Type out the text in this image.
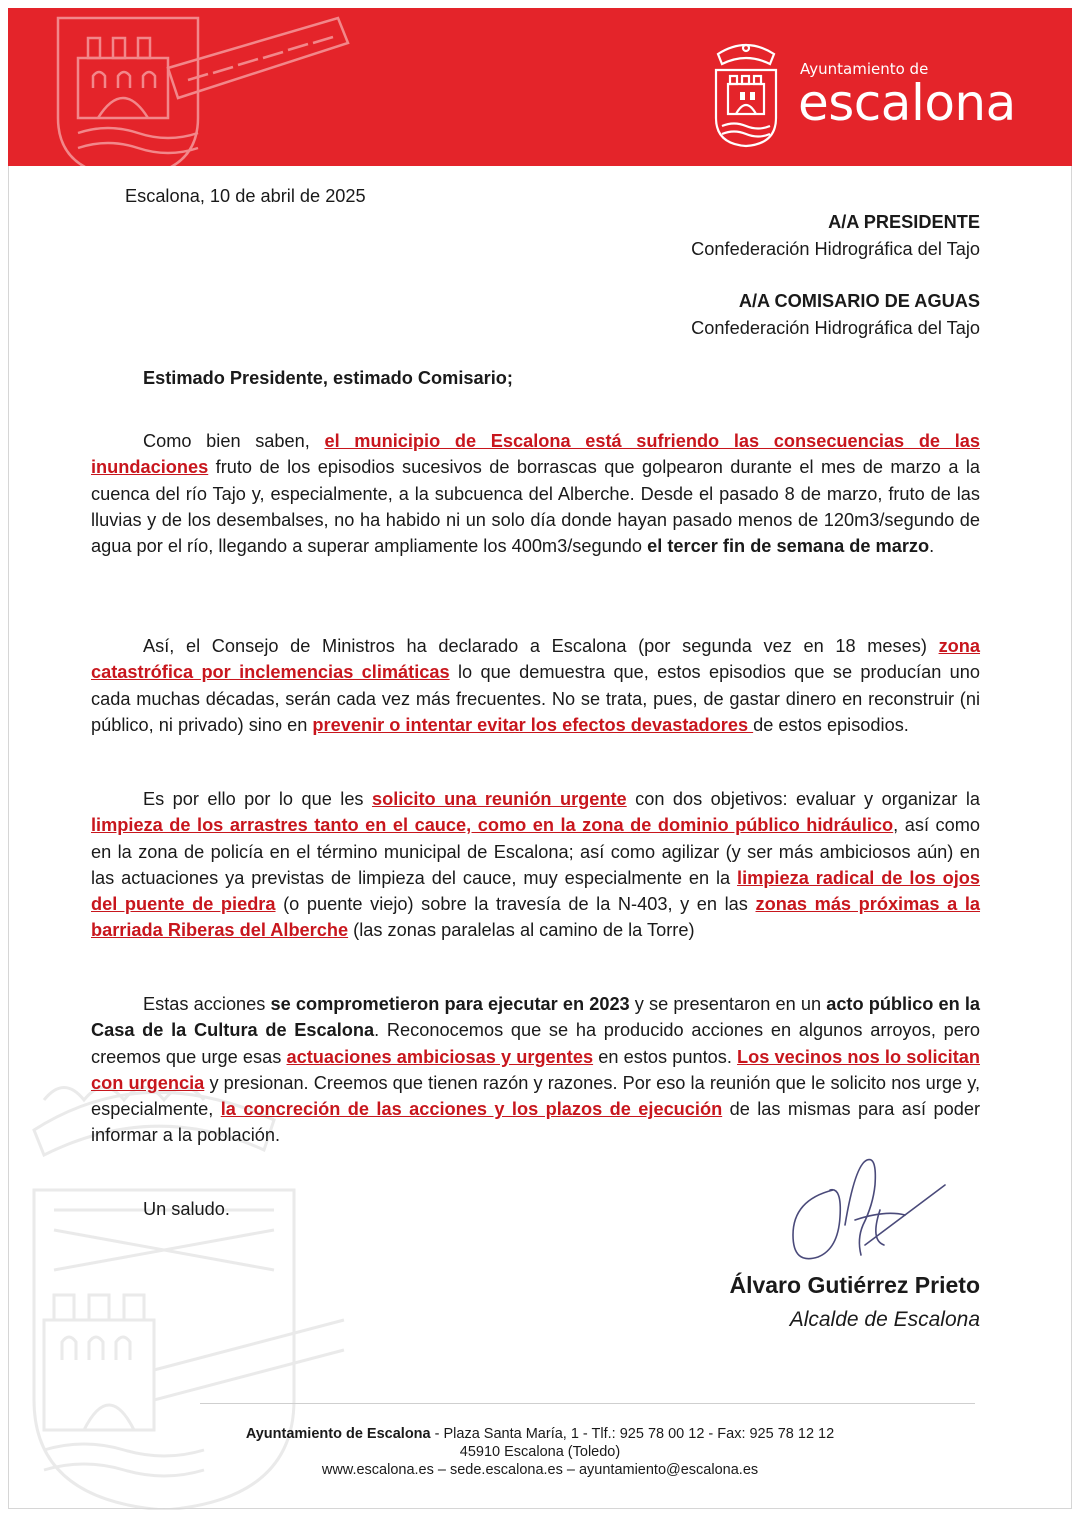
Ayuntamiento de
escalona
Escalona, 10 de abril de 2025
A/A PRESIDENTE
Confederación Hidrográfica del Tajo
A/A COMISARIO DE AGUAS
Confederación Hidrográfica del Tajo
Estimado Presidente, estimado Comisario;
Como bien saben, el municipio de Escalona está sufriendo las consecuencias de las inundaciones fruto de los episodios sucesivos de borrascas que golpearon durante el mes de marzo a la cuenca del río Tajo y, especialmente, a la subcuenca del Alberche. Desde el pasado 8 de marzo, fruto de las lluvias y de los desembalses, no ha habido ni un solo día donde hayan pasado menos de 120m3/segundo de agua por el río, llegando a superar ampliamente los 400m3/segundo el tercer fin de semana de marzo.
Así, el Consejo de Ministros ha declarado a Escalona (por segunda vez en 18 meses) zona catastrófica por inclemencias climáticas lo que demuestra que, estos episodios que se producían uno cada muchas décadas, serán cada vez más frecuentes. No se trata, pues, de gastar dinero en reconstruir (ni público, ni privado) sino en prevenir o intentar evitar los efectos devastadores de estos episodios.
Es por ello por lo que les solicito una reunión urgente con dos objetivos: evaluar y organizar la limpieza de los arrastres tanto en el cauce, como en la zona de dominio público hidráulico, así como en la zona de policía en el término municipal de Escalona; así como agilizar (y ser más ambiciosos aún) en las actuaciones ya previstas de limpieza del cauce, muy especialmente en la limpieza radical de los ojos del puente de piedra (o puente viejo) sobre la travesía de la N-403, y en las zonas más próximas a la barriada Riberas del Alberche (las zonas paralelas al camino de la Torre)
Estas acciones se comprometieron para ejecutar en 2023 y se presentaron en un acto público en la Casa de la Cultura de Escalona. Reconocemos que se ha producido acciones en algunos arroyos, pero creemos que urge esas actuaciones ambiciosas y urgentes en estos puntos. Los vecinos nos lo solicitan con urgencia y presionan. Creemos que tienen razón y razones. Por eso la reunión que le solicito nos urge y, especialmente, la concreción de las acciones y los plazos de ejecución de las mismas para así poder informar a la población.
Un saludo.
Álvaro Gutiérrez Prieto
Alcalde de Escalona
Ayuntamiento de Escalona - Plaza Santa María, 1 - Tlf.: 925 78 00 12 - Fax: 925 78 12 12
45910 Escalona (Toledo)
www.escalona.es – sede.escalona.es – ayuntamiento@escalona.es
